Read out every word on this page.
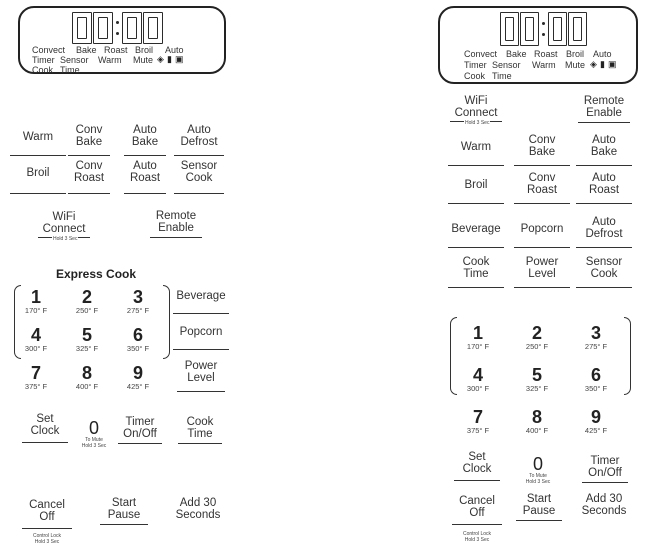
Convect Bake Roast Broil Auto
Timer Sensor Warm Mute ◈ ▮ ▣
Cook Time
Convect Bake Roast Broil Auto
Timer Sensor Warm Mute ◈ ▮ ▣
Cook Time
Warm
Conv
Bake
Auto
Bake
Auto
Defrost
Broil
Conv
Roast
Auto
Roast
Sensor
Cook
WiFi
Connect
Hold 3 Sec
Remote
Enable
Express Cook
Beverage
Popcorn
Power
Level
Set
Clock	0
To Mute
Hold 3 Sec
Timer
On/Off
Cook
Time
Cancel
Off
Control Lock
Hold 3 Sec
Start
Pause
Add 30
Seconds
WiFi
Connect
Hold 3 Sec
Remote
Enable
Warm
Conv
Bake
Auto
Bake
Broil
Conv
Roast
Auto
Roast
Beverage	Popcorn
Auto
Defrost
Cook
Time
Power
Level
Sensor
Cook
1
170° F
2
250° F
3
275° F
4
300° F
5
325° F
6
350° F
7
375° F
8
400° F
9
425° F
1
170° F
2
250° F
3
275° F
4
300° F
5
325° F
6
350° F
7
375° F
8
400° F
9
425° F
Set
Clock	0
To Mute
Hold 3 Sec
Timer
On/Off
Cancel
Off
Control Lock
Hold 3 Sec
Start
Pause
Add 30
Seconds
